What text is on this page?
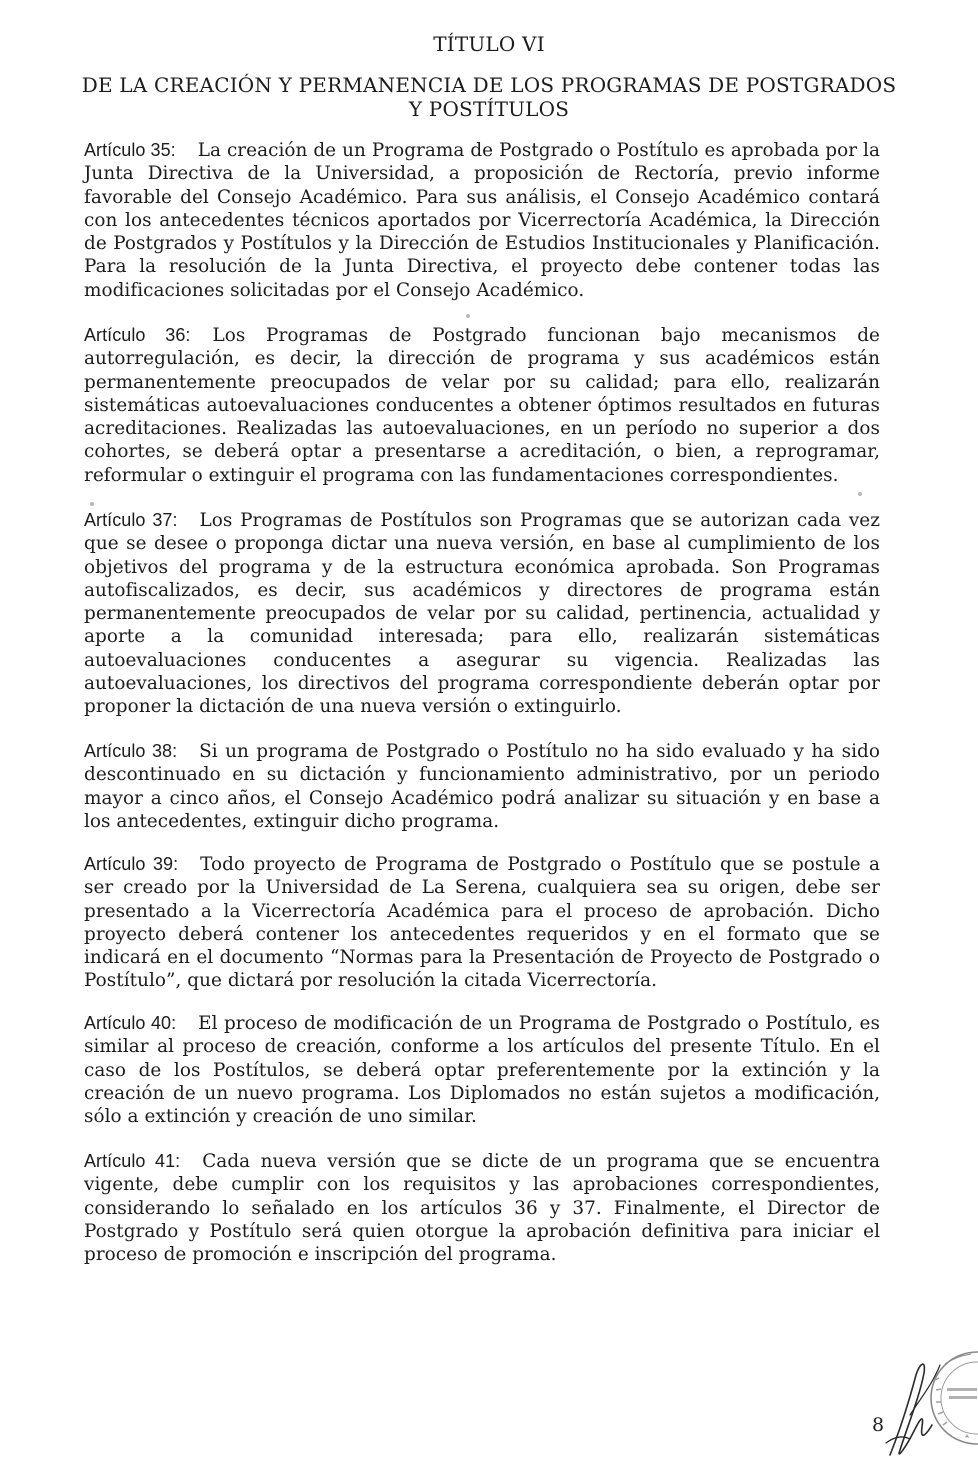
TÍTULO VI
DE LA CREACIÓN Y PERMANENCIA DE LOS PROGRAMAS DE POSTGRADOS Y POSTÍTULOS
Artículo 35: La creación de un Programa de Postgrado o Postítulo es aprobada por la Junta Directiva de la Universidad, a proposición de Rectoría, previo informe favorable del Consejo Académico. Para sus análisis, el Consejo Académico contará con los antecedentes técnicos aportados por Vicerrectoría Académica, la Dirección de Postgrados y Postítulos y la Dirección de Estudios Institucionales y Planificación. Para la resolución de la Junta Directiva, el proyecto debe contener todas las modificaciones solicitadas por el Consejo Académico.
Artículo 36: Los Programas de Postgrado funcionan bajo mecanismos de autorregulación, es decir, la dirección de programa y sus académicos están permanentemente preocupados de velar por su calidad; para ello, realizarán sistemáticas autoevaluaciones conducentes a obtener óptimos resultados en futuras acreditaciones. Realizadas las autoevaluaciones, en un período no superior a dos cohortes, se deberá optar a presentarse a acreditación, o bien, a reprogramar, reformular o extinguir el programa con las fundamentaciones correspondientes.
Artículo 37: Los Programas de Postítulos son Programas que se autorizan cada vez que se desee o proponga dictar una nueva versión, en base al cumplimiento de los objetivos del programa y de la estructura económica aprobada. Son Programas autofiscalizados, es decir, sus académicos y directores de programa están permanentemente preocupados de velar por su calidad, pertinencia, actualidad y aporte a la comunidad interesada; para ello, realizarán sistemáticas autoevaluaciones conducentes a asegurar su vigencia. Realizadas las autoevaluaciones, los directivos del programa correspondiente deberán optar por proponer la dictación de una nueva versión o extinguirlo.
Artículo 38: Si un programa de Postgrado o Postítulo no ha sido evaluado y ha sido descontinuado en su dictación y funcionamiento administrativo, por un periodo mayor a cinco años, el Consejo Académico podrá analizar su situación y en base a los antecedentes, extinguir dicho programa.
Artículo 39: Todo proyecto de Programa de Postgrado o Postítulo que se postule a ser creado por la Universidad de La Serena, cualquiera sea su origen, debe ser presentado a la Vicerrectoría Académica para el proceso de aprobación. Dicho proyecto deberá contener los antecedentes requeridos y en el formato que se indicará en el documento “Normas para la Presentación de Proyecto de Postgrado o Postítulo”, que dictará por resolución la citada Vicerrectoría.
Artículo 40: El proceso de modificación de un Programa de Postgrado o Postítulo, es similar al proceso de creación, conforme a los artículos del presente Título. En el caso de los Postítulos, se deberá optar preferentemente por la extinción y la creación de un nuevo programa. Los Diplomados no están sujetos a modificación, sólo a extinción y creación de uno similar.
Artículo 41: Cada nueva versión que se dicte de un programa que se encuentra vigente, debe cumplir con los requisitos y las aprobaciones correspondientes, considerando lo señalado en los artículos 36 y 37. Finalmente, el Director de Postgrado y Postítulo será quien otorgue la aprobación definitiva para iniciar el proceso de promoción e inscripción del programa.
8
